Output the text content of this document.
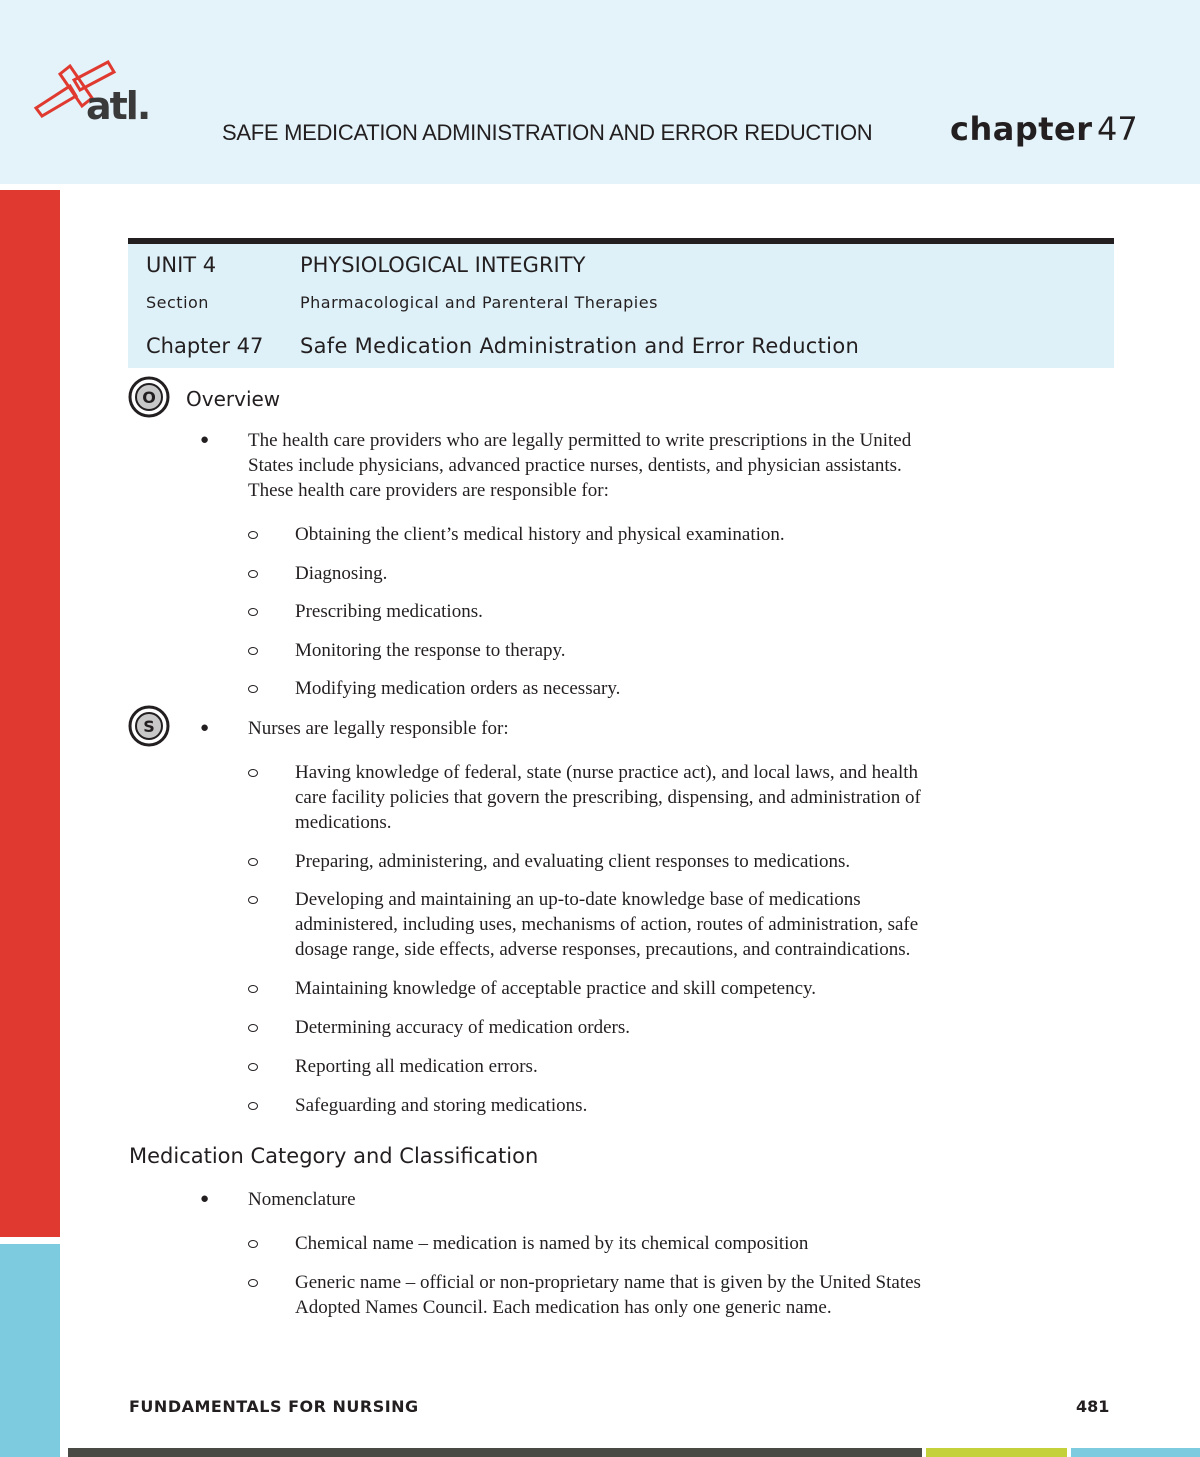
atl.
SAFE MEDICATION ADMINISTRATION AND ERROR REDUCTION chapter 47
UNIT 4	PHYSIOLOGICAL INTEGRITY
Section	Pharmacological and Parenteral Therapies
Chapter 47 Safe Medication Administration and Error Reduction
O Overview
● The health care providers who are legally permitted to write prescriptions in the United
States include physicians, advanced practice nurses, dentists, and physician assistants.
These health care providers are responsible for:
Obtaining the client’s medical history and physical examination.
Diagnosing.
Prescribing medications.
Monitoring the response to therapy.
Modifying medication orders as necessary.
S	● Nurses are legally responsible for:
Having knowledge of federal, state (nurse practice act), and local laws, and health
care facility policies that govern the prescribing, dispensing, and administration of
medications.
Preparing, administering, and evaluating client responses to medications.
Developing and maintaining an up-to-date knowledge base of medications
administered, including uses, mechanisms of action, routes of administration, safe
dosage range, side effects, adverse responses, precautions, and contraindications.
Maintaining knowledge of acceptable practice and skill competency.
Determining accuracy of medication orders.
Reporting all medication errors.
Safeguarding and storing medications.
Medication Category and Classification
● Nomenclature
Chemical name – medication is named by its chemical composition
Generic name – official or non-proprietary name that is given by the United States
Adopted Names Council. Each medication has only one generic name.
FUNDAMENTALS FOR NURSING	481
